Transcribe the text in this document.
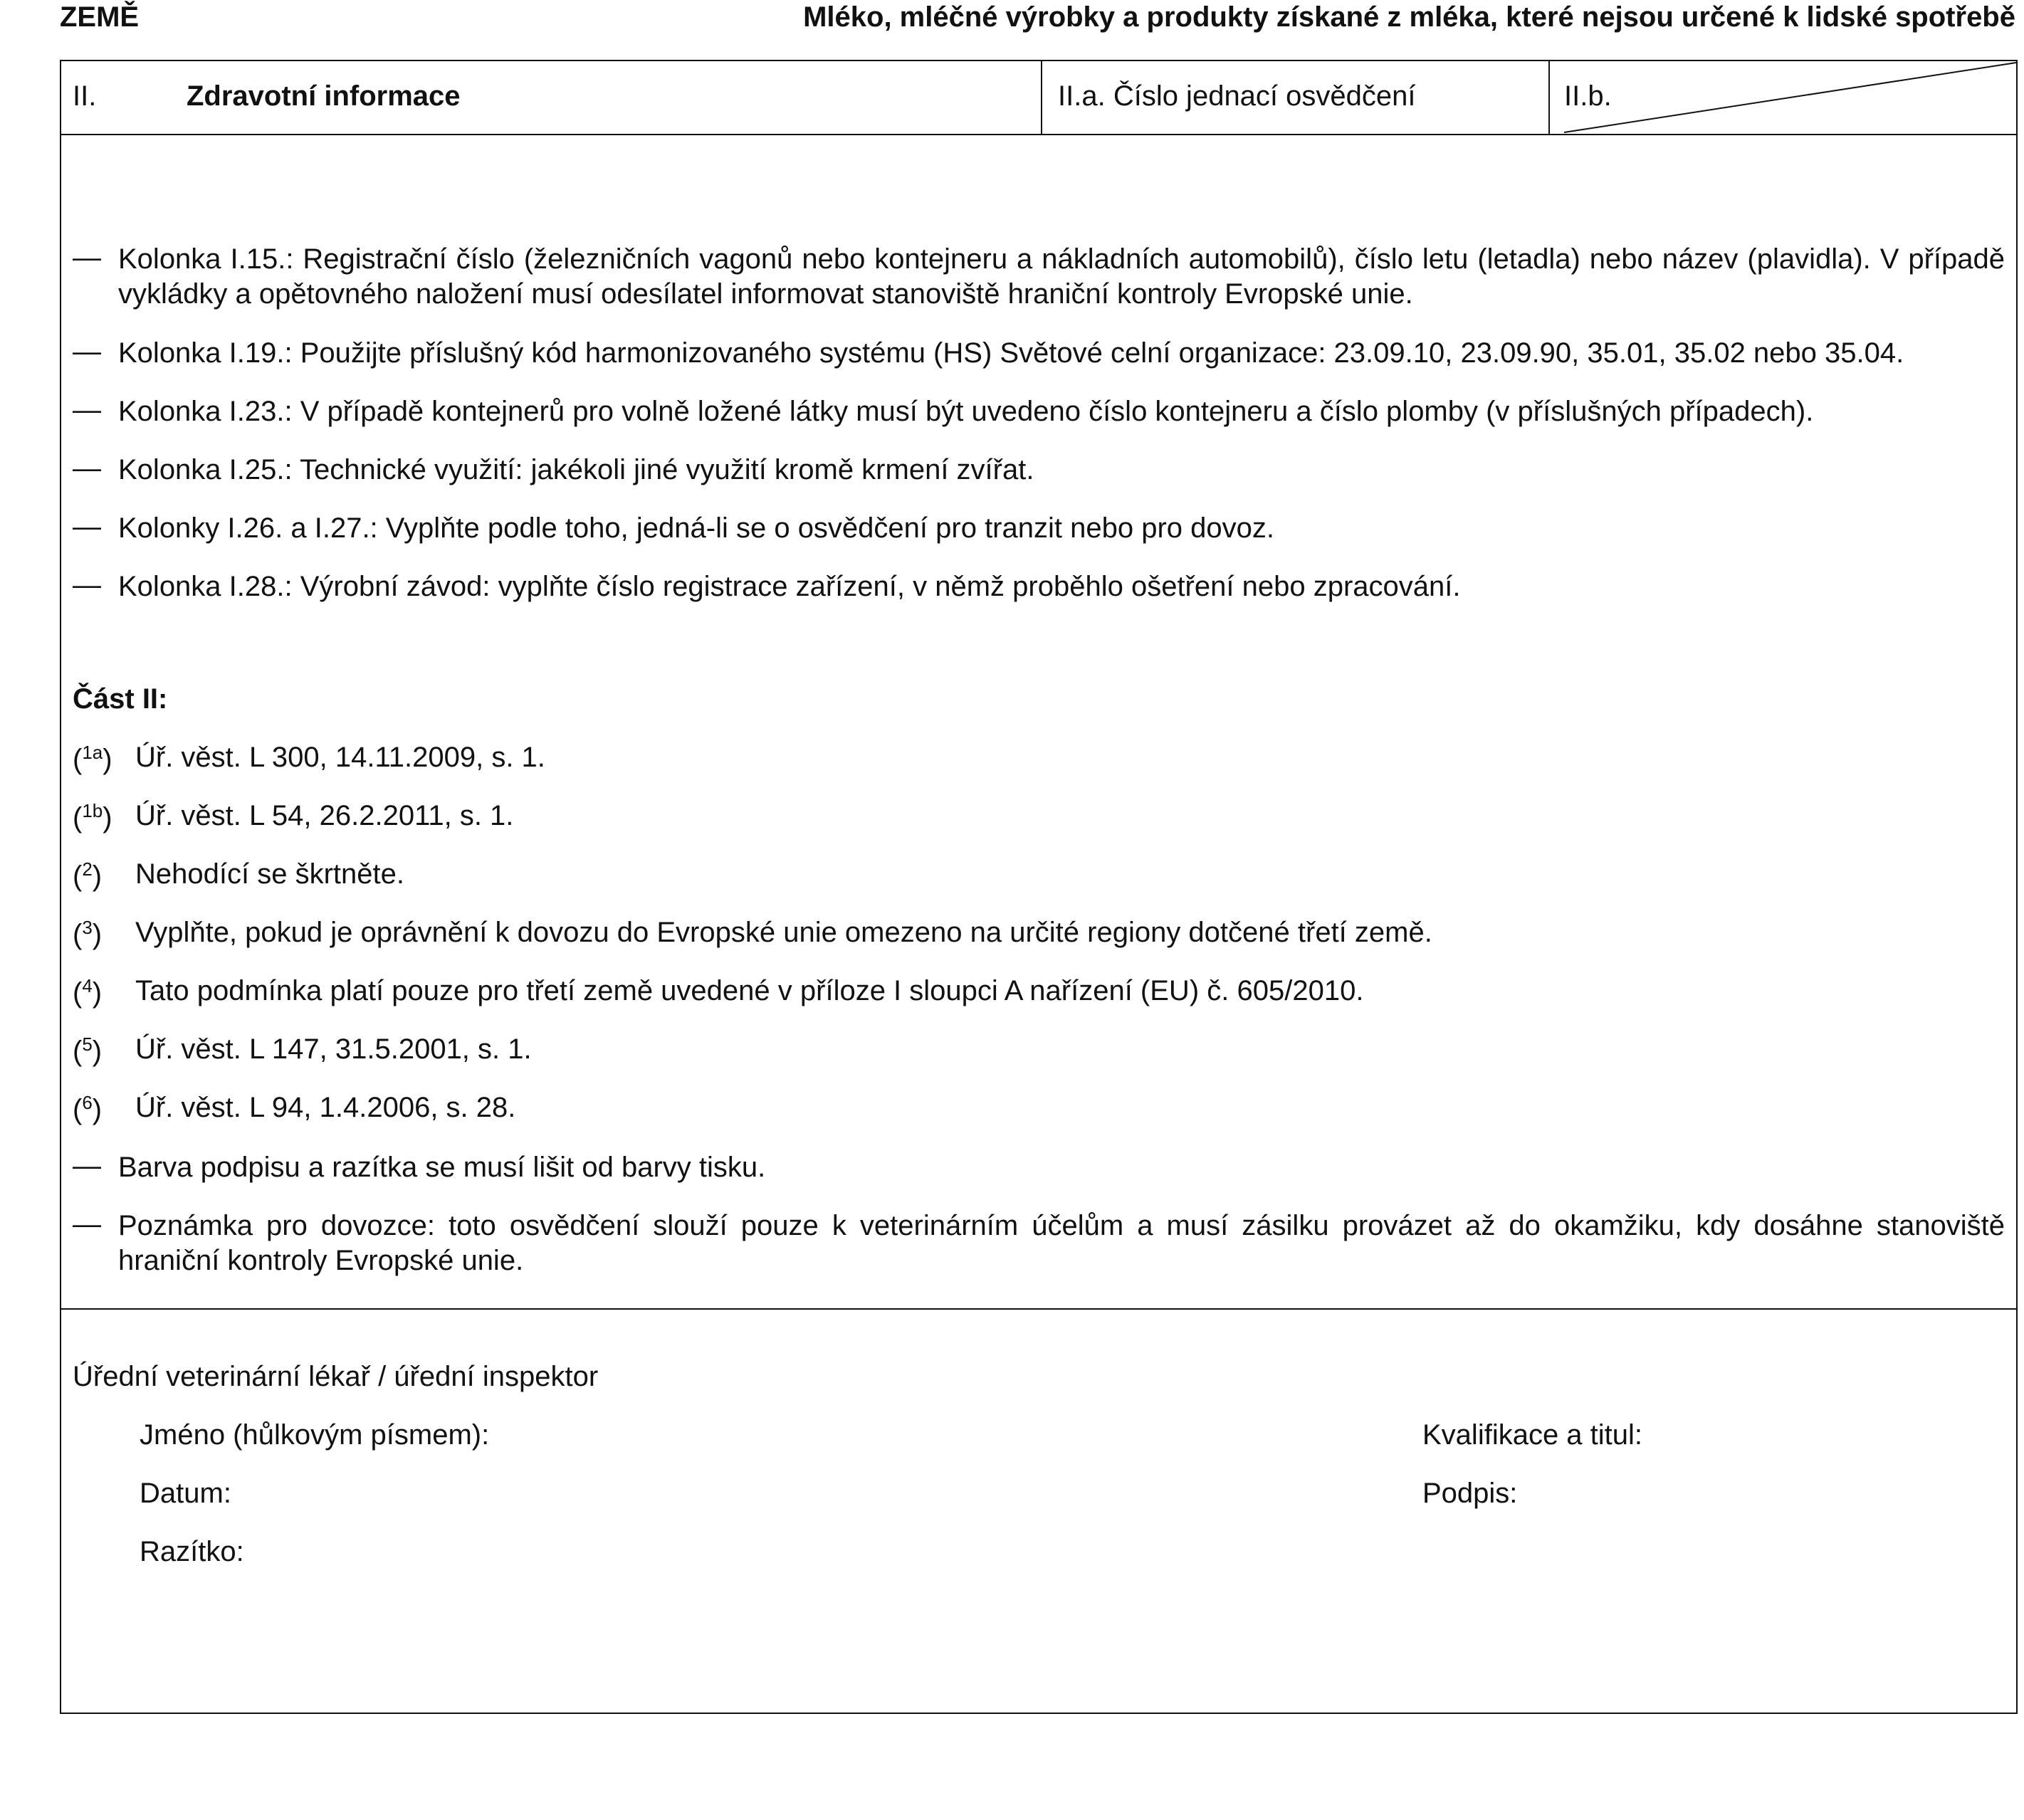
ZEMĚ	Mléko, mléčné výrobky a produkty získané z mléka, které nejsou určené k lidské spotřebě
II.	Zdravotní informace	II.a. Číslo jednací osvědčení	II.b.
— Kolonka I.15.: Registrační číslo (železničních vagonů nebo kontejneru a nákladních automobilů), číslo letu (letadla) nebo název (plavidla). V případě vykládky a opětovného naložení musí odesílatel informovat stanoviště hraniční kontroly Evropské unie.
— Kolonka I.19.: Použijte příslušný kód harmonizovaného systému (HS) Světové celní organizace: 23.09.10, 23.09.90, 35.01, 35.02 nebo 35.04.
— Kolonka I.23.: V případě kontejnerů pro volně ložené látky musí být uvedeno číslo kontejneru a číslo plomby (v příslušných případech).
— Kolonka I.25.: Technické využití: jakékoli jiné využití kromě krmení zvířat.
— Kolonky I.26. a I.27.: Vyplňte podle toho, jedná-li se o osvědčení pro tranzit nebo pro dovoz.
— Kolonka I.28.: Výrobní závod: vyplňte číslo registrace zařízení, v němž proběhlo ošetření nebo zpracování.
Část II:
($^{1a}$) Úř. věst. L 300, 14.11.2009, s. 1.
($^{1b}$) Úř. věst. L 54, 26.2.2011, s. 1.
($^2$) Nehodící se škrtněte.
($^3$) Vyplňte, pokud je oprávnění k dovozu do Evropské unie omezeno na určité regiony dotčené třetí země.
($^4$) Tato podmínka platí pouze pro třetí země uvedené v příloze I sloupci A nařízení (EU) č. 605/2010.
($^5$) Úř. věst. L 147, 31.5.2001, s. 1.
($^6$) Úř. věst. L 94, 1.4.2006, s. 28.
— Barva podpisu a razítka se musí lišit od barvy tisku.
— Poznámka pro dovozce: toto osvědčení slouží pouze k veterinárním účelům a musí zásilku provázet až do okamžiku, kdy dosáhne stanoviště hraniční kontroly Evropské unie.
Úřední veterinární lékař / úřední inspektor
Jméno (hůlkovým písmem):	Kvalifikace a titul:
Datum:	Podpis:
Razítko:
